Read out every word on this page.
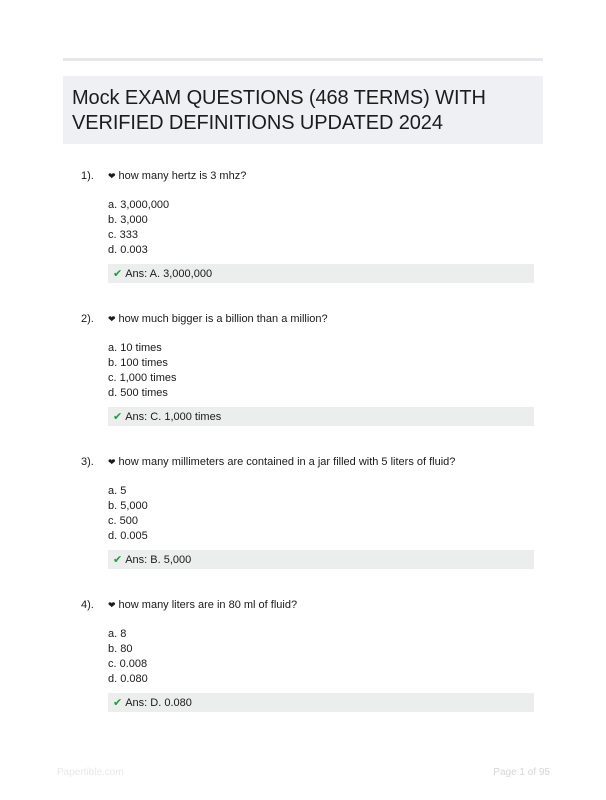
Mock EXAM QUESTIONS (468 TERMS) WITH VERIFIED DEFINITIONS UPDATED 2024
1). ❤ how many hertz is 3 mhz?
a. 3,000,000
b. 3,000
c. 333
d. 0.003
✔ Ans: A. 3,000,000
2). ❤ how much bigger is a billion than a million?
a. 10 times
b. 100 times
c. 1,000 times
d. 500 times
✔ Ans: C. 1,000 times
3). ❤ how many millimeters are contained in a jar filled with 5 liters of fluid?
a. 5
b. 5,000
c. 500
d. 0.005
✔ Ans: B. 5,000
4). ❤ how many liters are in 80 ml of fluid?
a. 8
b. 80
c. 0.008
d. 0.080
✔ Ans: D. 0.080
Papertible.com	Page 1 of 95
